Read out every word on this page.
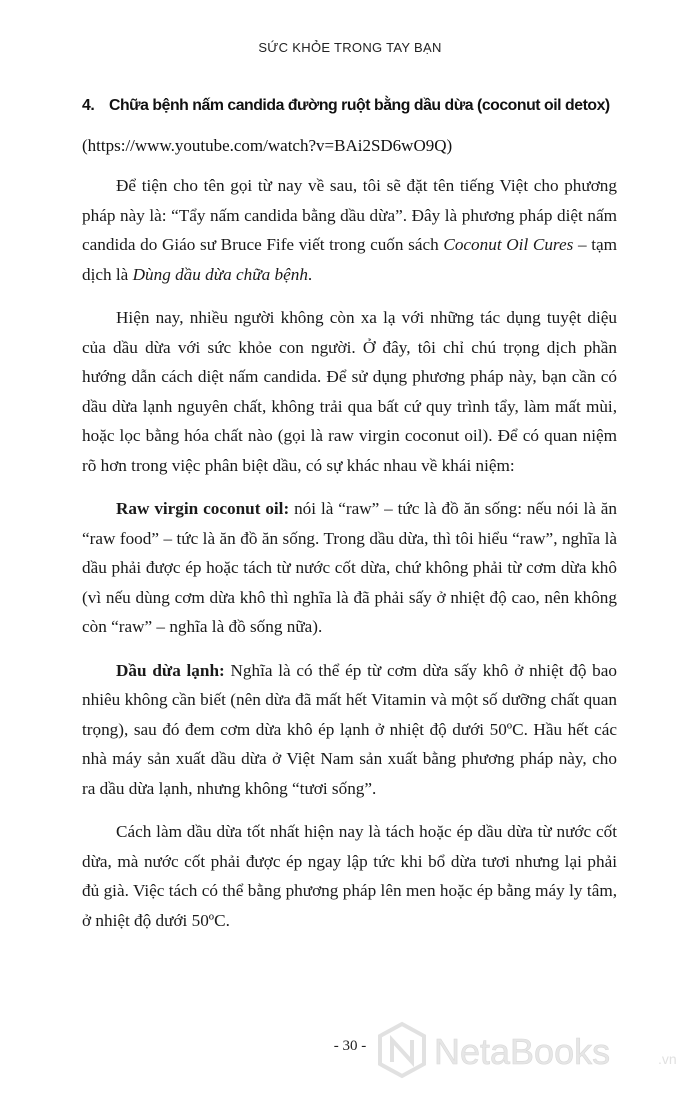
SỨC KHỎE TRONG TAY BẠN
4. Chữa bệnh nấm candida đường ruột bằng dầu dừa (coconut oil detox)
(https://www.youtube.com/watch?v=BAi2SD6wO9Q)

Để tiện cho tên gọi từ nay về sau, tôi sẽ đặt tên tiếng Việt cho phương pháp này là: “Tẩy nấm candida bằng dầu dừa”. Đây là phương pháp diệt nấm candida do Giáo sư Bruce Fife viết trong cuốn sách Coconut Oil Cures – tạm dịch là Dùng dầu dừa chữa bệnh.

Hiện nay, nhiều người không còn xa lạ với những tác dụng tuyệt diệu của dầu dừa với sức khỏe con người. Ở đây, tôi chỉ chú trọng dịch phần hướng dẫn cách diệt nấm candida. Để sử dụng phương pháp này, bạn cần có dầu dừa lạnh nguyên chất, không trải qua bất cứ quy trình tẩy, làm mất mùi, hoặc lọc bằng hóa chất nào (gọi là raw virgin coconut oil). Để có quan niệm rõ hơn trong việc phân biệt dầu, có sự khác nhau về khái niệm:

Raw virgin coconut oil: nói là “raw” – tức là đồ ăn sống: nếu nói là ăn “raw food” – tức là ăn đồ ăn sống. Trong dầu dừa, thì tôi hiểu “raw”, nghĩa là dầu phải được ép hoặc tách từ nước cốt dừa, chứ không phải từ cơm dừa khô (vì nếu dùng cơm dừa khô thì nghĩa là đã phải sấy ở nhiệt độ cao, nên không còn “raw” – nghĩa là đồ sống nữa).

Dầu dừa lạnh: Nghĩa là có thể ép từ cơm dừa sấy khô ở nhiệt độ bao nhiêu không cần biết (nên dừa đã mất hết Vitamin và một số dưỡng chất quan trọng), sau đó đem cơm dừa khô ép lạnh ở nhiệt độ dưới 50ºC. Hầu hết các nhà máy sản xuất dầu dừa ở Việt Nam sản xuất bằng phương pháp này, cho ra dầu dừa lạnh, nhưng không “tươi sống”.

Cách làm dầu dừa tốt nhất hiện nay là tách hoặc ép dầu dừa từ nước cốt dừa, mà nước cốt phải được ép ngay lập tức khi bổ dừa tươi nhưng lại phải đủ già. Việc tách có thể bằng phương pháp lên men hoặc ép bằng máy ly tâm, ở nhiệt độ dưới 50ºC.

- 30 -	NetaBooks	.vn
